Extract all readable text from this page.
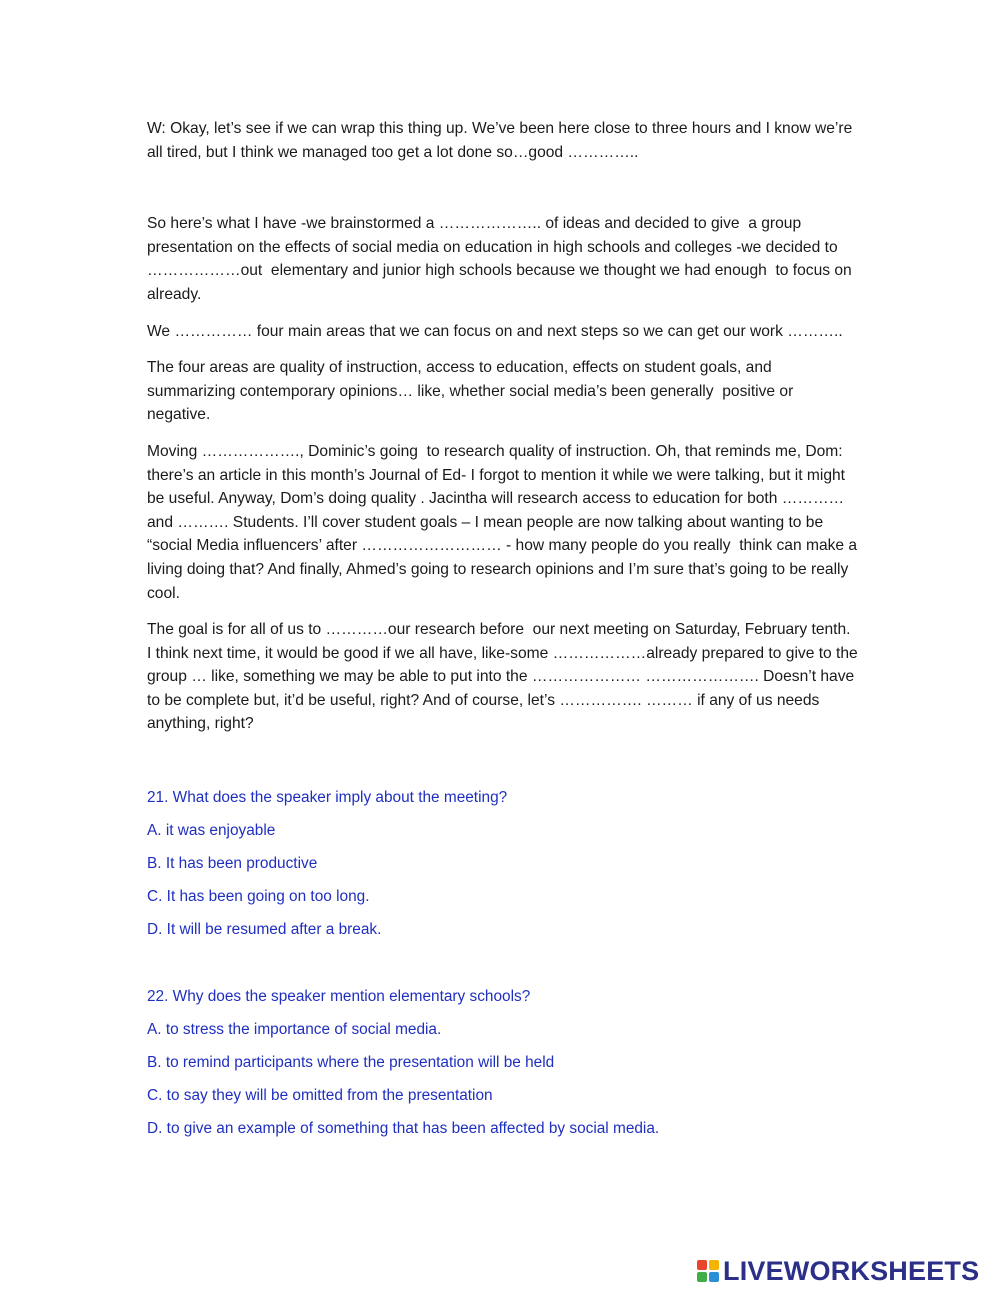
W: Okay, let’s see if we can wrap this thing up. We’ve been here close to three hours and I know we’re all tired, but I think we managed too get a lot done so…good …………..

So here’s what I have -we brainstormed a ……………….. of ideas and decided to give  a group presentation on the effects of social media on education in high schools and colleges -we decided to ………………out  elementary and junior high schools because we thought we had enough  to focus on already.

We …………… four main areas that we can focus on and next steps so we can get our work ………..

The four areas are quality of instruction, access to education, effects on student goals, and summarizing contemporary opinions… like, whether social media’s been generally  positive or negative.

Moving ………………., Dominic’s going  to research quality of instruction. Oh, that reminds me, Dom: there’s an article in this month’s Journal of Ed- I forgot to mention it while we were talking, but it might be useful. Anyway, Dom’s doing quality . Jacintha will research access to education for both …………and ………. Students. I’ll cover student goals – I mean people are now talking about wanting to be “social Media influencers’ after ……………………… - how many people do you really  think can make a living doing that? And finally, Ahmed’s going to research opinions and I’m sure that’s going to be really cool.

The goal is for all of us to …………our research before  our next meeting on Saturday, February tenth. I think next time, it would be good if we all have, like-some ………………already prepared to give to the group … like, something we may be able to put into the ………………… …………………. Doesn’t have to be complete but, it’d be useful, right? And of course, let’s ……………. ……… if any of us needs anything, right?

21. What does the speaker imply about the meeting?

A. it was enjoyable

B. It has been productive

C. It has been going on too long.

D. It will be resumed after a break.

22. Why does the speaker mention elementary schools?

A. to stress the importance of social media.

B. to remind participants where the presentation will be held

C. to say they will be omitted from the presentation

D. to give an example of something that has been affected by social media.

LIVEWORKSHEETS
